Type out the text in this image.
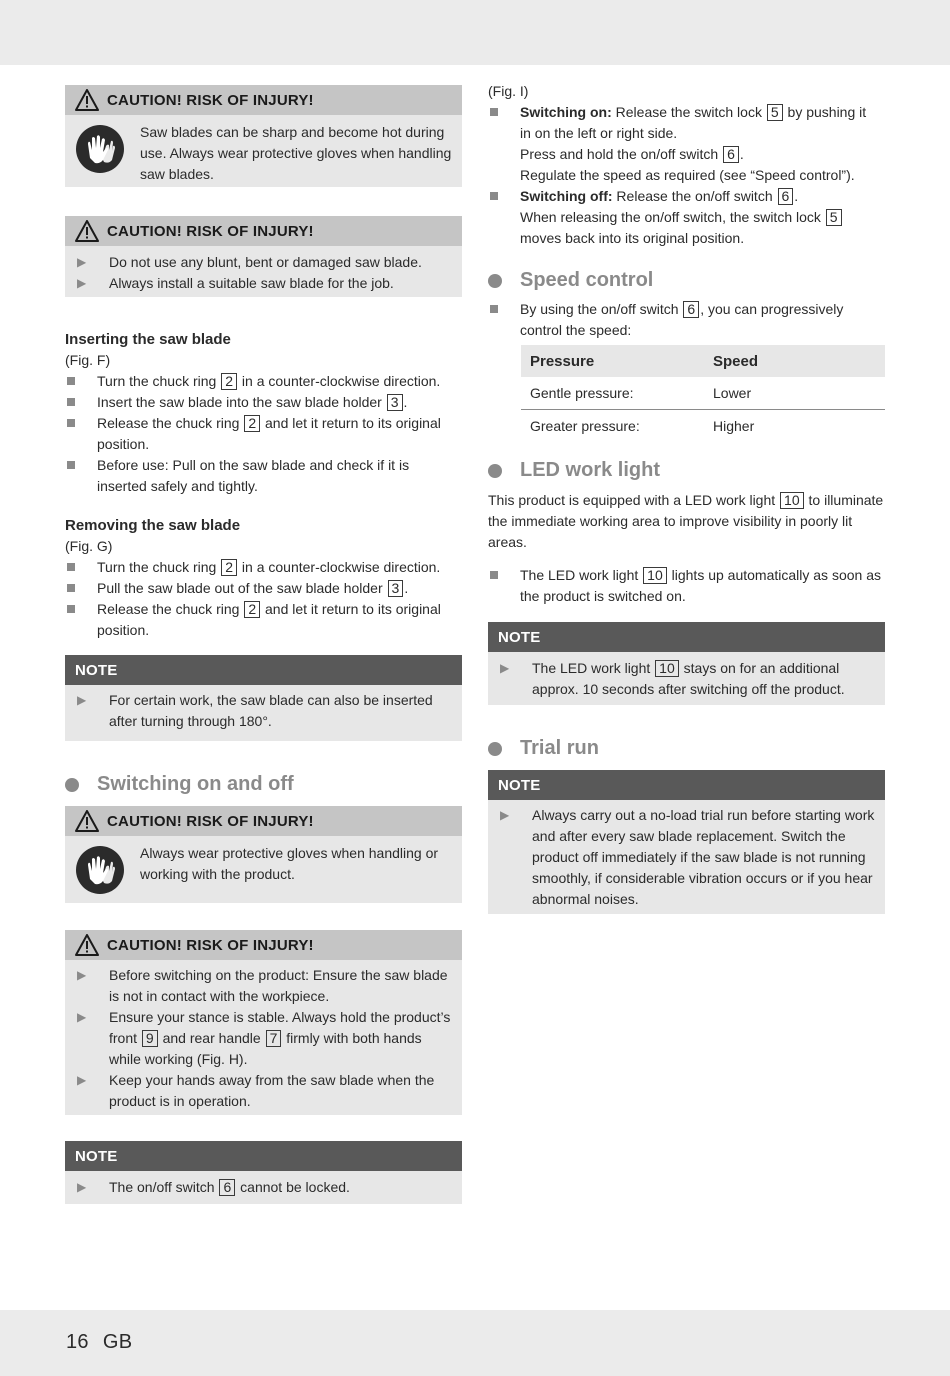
CAUTION! RISK OF INJURY!
Saw blades can be sharp and become hot during use. Always wear protective gloves when handling saw blades.
CAUTION! RISK OF INJURY!
▶	Do not use any blunt, bent or damaged saw blade.
▶	Always install a suitable saw blade for the job.
Inserting the saw blade
(Fig. F)
Turn the chuck ring 2 in a counter-clockwise direction.
Insert the saw blade into the saw blade holder 3 .
Release the chuck ring 2 and let it return to its original position.
Before use: Pull on the saw blade and check if it is inserted safely and tightly.
Removing the saw blade
(Fig. G)
Turn the chuck ring 2 in a counter-clockwise direction.
Pull the saw blade out of the saw blade holder 3 .
Release the chuck ring 2 and let it return to its original position.
NOTE
▶	For certain work, the saw blade can also be inserted after turning through 180°.
Switching on and off
CAUTION! RISK OF INJURY!
Always wear protective gloves when handling or working with the product.
CAUTION! RISK OF INJURY!
▶	Before switching on the product: Ensure the saw blade is not in contact with the workpiece.
▶	Ensure your stance is stable. Always hold the product’s front 9 and rear handle 7 firmly with both hands while working (Fig. H).
▶	Keep your hands away from the saw blade when the product is in operation.
NOTE
▶	The on/off switch 6 cannot be locked.
(Fig. I)
Switching on: Release the switch lock 5 by pushing it
in on the left or right side.
Press and hold the on/off switch 6 .
Regulate the speed as required (see “Speed control”).
Switching off: Release the on/off switch 6 .
When releasing the on/off switch, the switch lock 5
moves back into its original position.
Speed control
By using the on/off switch 6 , you can progressively
control the speed:
Pressure	Speed
Gentle pressure:	Lower
Greater pressure:	Higher
LED work light
This product is equipped with a LED work light 10 to illuminate the immediate working area to improve visibility in poorly lit areas.
The LED work light 10 lights up automatically as soon as the product is switched on.
NOTE
▶	The LED work light 10 stays on for an additional approx. 10 seconds after switching off the product.
Trial run
NOTE
▶	Always carry out a no-load trial run before starting work and after every saw blade replacement. Switch the product off immediately if the saw blade is not running smoothly, if considerable vibration occurs or if you hear abnormal noises.
16 GB
